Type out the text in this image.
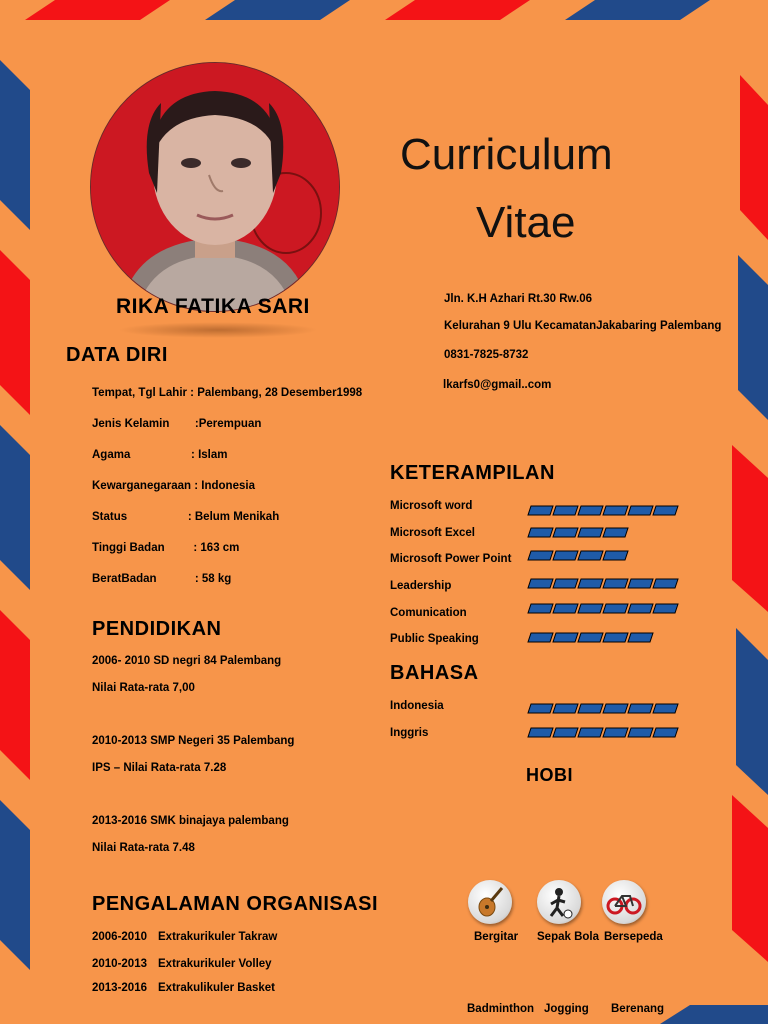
Curriculum
Vitae
RIKA FATIKA SARI	Jln. K.H Azhari Rt.30 Rw.06
Kelurahan 9 Ulu KecamatanJakabaring Palembang
0831-7825-8732
lkarfs0@gmail..com
DATA DIRI
Tempat, Tgl Lahir : Palembang, 28 Desember1998
Jenis Kelamin        :Perempuan
Agama                   : Islam
Kewarganegaraan : Indonesia
Status                   : Belum Menikah
Tinggi Badan         : 163 cm
BeratBadan            : 58 kg
PENDIDIKAN
2006- 2010 SD negri 84 Palembang
Nilai Rata-rata 7,00
2010-2013 SMP Negeri 35 Palembang
IPS – Nilai Rata-rata 7.28
2013-2016 SMK binajaya palembang
Nilai Rata-rata 7.48
PENGALAMAN ORGANISASI
2006-2010 Extrakurikuler Takraw
2010-2013 Extrakurikuler Volley
2013-2016 Extrakulikuler Basket
KETERAMPILAN
Microsoft word
Microsoft Excel
Microsoft Power Point
Leadership
Comunication
Public Speaking
BAHASA
Indonesia
Inggris
HOBI
Bergitar Sepak Bola Bersepeda
Badminthon Jogging Berenang
